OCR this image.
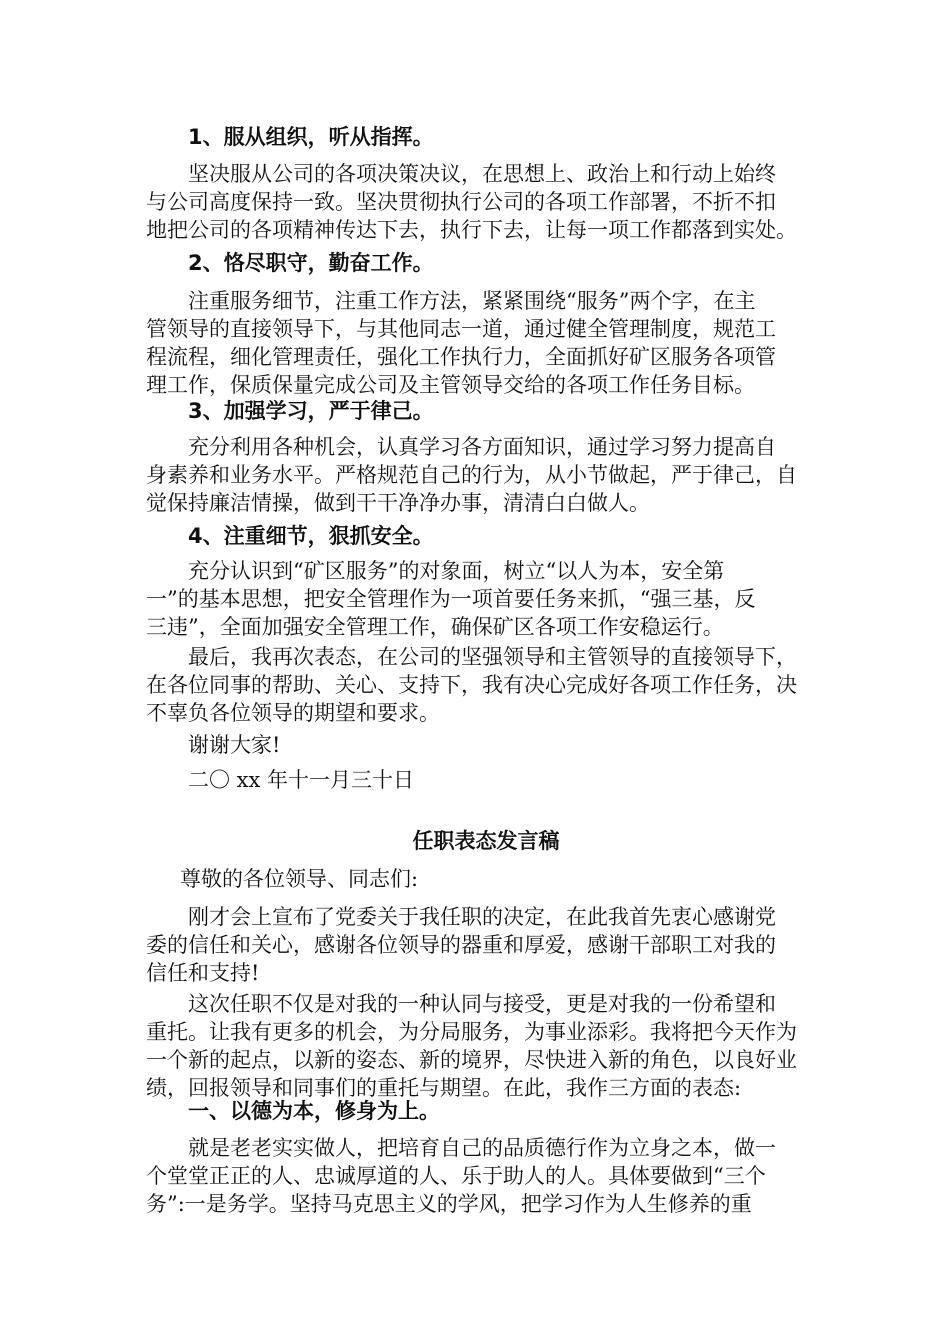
1、服从组织，听从指挥。

坚决服从公司的各项决策决议，在思想上、政治上和行动上始终
与公司高度保持一致。坚决贯彻执行公司的各项工作部署，不折不扣
地把公司的各项精神传达下去，执行下去，让每一项工作都落到实处。

2、恪尽职守，勤奋工作。

注重服务细节，注重工作方法，紧紧围绕“服务”两个字，在主
管领导的直接领导下，与其他同志一道，通过健全管理制度，规范工
程流程，细化管理责任，强化工作执行力，全面抓好矿区服务各项管
理工作，保质保量完成公司及主管领导交给的各项工作任务目标。

3、加强学习，严于律己。

充分利用各种机会，认真学习各方面知识，通过学习努力提高自
身素养和业务水平。严格规范自己的行为，从小节做起，严于律己，自
觉保持廉洁情操，做到干干净净办事，清清白白做人。

4、注重细节，狠抓安全。

充分认识到“矿区服务”的对象面，树立“以人为本，安全第
一”的基本思想，把安全管理作为一项首要任务来抓，“强三基，反
三违”，全面加强安全管理工作，确保矿区各项工作安稳运行。

最后，我再次表态，在公司的坚强领导和主管领导的直接领导下，
在各位同事的帮助、关心、支持下，我有决心完成好各项工作任务，决
不辜负各位领导的期望和要求。

谢谢大家!

二〇 xx 年十一月三十日

任职表态发言稿

尊敬的各位领导、同志们:

刚才会上宣布了党委关于我任职的决定，在此我首先衷心感谢党
委的信任和关心，感谢各位领导的器重和厚爱，感谢干部职工对我的
信任和支持!

这次任职不仅是对我的一种认同与接受，更是对我的一份希望和
重托。让我有更多的机会，为分局服务，为事业添彩。我将把今天作为
一个新的起点，以新的姿态、新的境界，尽快进入新的角色，以良好业
绩，回报领导和同事们的重托与期望。在此，我作三方面的表态:

一、以德为本，修身为上。

就是老老实实做人，把培育自己的品质德行作为立身之本，做一
个堂堂正正的人、忠诚厚道的人、乐于助人的人。具体要做到“三个
务”:一是务学。坚持马克思主义的学风，把学习作为人生修养的重
